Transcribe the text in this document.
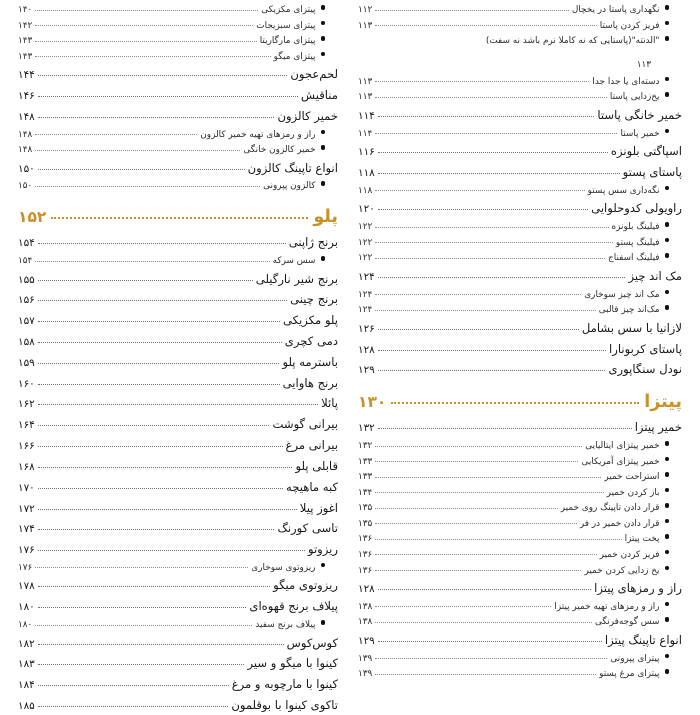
نگهداری پاستا در یخچال
۱۱۲
فریز کردن پاستا
۱۱۳
"الدنته"(پاستایی که نه کاملا نرم باشد نه سفت)
۱۱۳
دسته‌ای یا جدا جدا
۱۱۳
یخ‌زدایی پاستا
۱۱۳
خمیر خانگی پاستا
۱۱۴
خمیر پاستا
۱۱۴
اسپاگتی بلونزه
۱۱۶
پاستای پستو
۱۱۸
نگه‌داری سس پستو
۱۱۸
راویولی کدوحلوایی
۱۲۰
فیلینگ بلونزه
۱۲۲
فیلینگ پستو
۱۲۲
فیلینگ اسفناج
۱۲۲
مک اند چیز
۱۲۴
مک اند چیز سوخاری
۱۲۴
مک‌اند چیز قالبی
۱۲۴
لازانیا با سس بشامل
۱۲۶
پاستای کربونارا
۱۲۸
نودل سنگاپوری
۱۲۹
پیتزا
۱۳۰
خمیر پیتزا
۱۳۲
خمیر پیتزای ایتالیایی
۱۳۲
خمیر پیتزای آمریکایی
۱۳۳
استراحت خمیر
۱۳۳
باز کردن خمیر
۱۳۴
قرار دادن تاپینگ روی خمیر
۱۳۵
قرار دادن خمیر در فر
۱۳۵
پخت پیتزا
۱۳۶
فریز کردن خمیر
۱۳۶
یخ زدایی کردن خمیر
۱۳۶
راز و رمزهای پیتزا
۱۲۸
راز و رمزهای تهیه خمیر پیتزا
۱۳۸
سس گوجه‌فرنگی
۱۳۸
انواع تاپینگ پیتزا
۱۲۹
پیتزای پپرونی
۱۳۹
پیتزای مرغ پستو
۱۳۹
پیتزای مکزیکی
۱۴۰
پیتزای سبزیجات
۱۴۲
پیتزای مارگاریتا
۱۴۳
پیتزای میگو
۱۴۳
لحم‌عجون
۱۴۴
مناقیش
۱۴۶
خمیر کالزون
۱۴۸
راز و رمزهای تهیه خمیر کالزون
۱۴۸
خمیر کالزون خانگی
۱۴۸
انواع تاپینگ کالزون
۱۵۰
کالزون پپرونی
۱۵۰
پلو
۱۵۲
برنج ژاپنی
۱۵۴
سس سرکه
۱۵۴
برنج شیر نارگیلی
۱۵۵
برنج چینی
۱۵۶
پلو مکزیکی
۱۵۷
دمی کچری
۱۵۸
باسترمه پلو
۱۵۹
برنج هاوایی
۱۶۰
پائلا
۱۶۲
بیرانی گوشت
۱۶۴
بیرانی مرغ
۱۶۶
قابلی پلو
۱۶۸
کبه ماهیچه
۱۷۰
اغوز پیلا
۱۷۲
تاسی کورنگ
۱۷۴
ریزوتو
۱۷۶
ریزوتوی سوخاری
۱۷۶
ریزوتوی میگو
۱۷۸
پیلاف برنج قهوه‌ای
۱۸۰
پیلاف برنج سفید
۱۸۰
کوس‌کوس
۱۸۲
کینوا با میگو و سیر
۱۸۳
کینوا با مارچوبه و مرغ
۱۸۴
تاکوی کینوا با بوقلمون
۱۸۵
